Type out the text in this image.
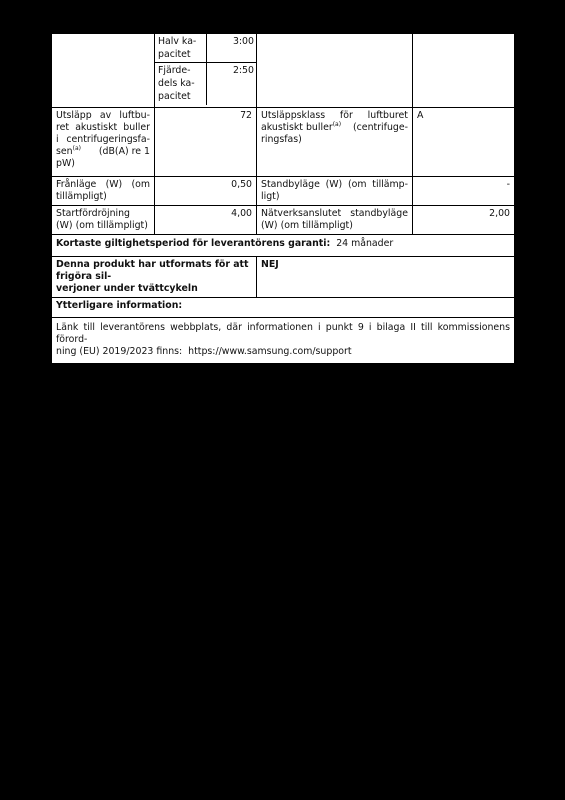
Halv ka-
pacitet
	3:00

Fjärde-
dels ka-
pacitet
	2:50

Utsläpp av luftbu-
ret akustiskt buller
i centrifugeringsfa-
sen$^{(a)}$ (dB(A) re 1
pW)
	72	Utsläppsklass för luftburet
akustiskt buller$^{(a)}$ (centrifuge-
ringsfas)
	A

Frånläge (W) (om
tillämpligt)
	0,50	Standbyläge (W) (om tillämp-
ligt)
	-

Startfördröjning
(W) (om tillämpligt)
	4,00	Nätverksanslutet standbyläge
(W) (om tillämpligt)
	2,00
Kortaste giltighetsperiod för leverantörens garanti: 24 månader

Denna produkt har utformats för att frigöra sil-
verjoner under tvättcykeln
	NEJ
Ytterligare information:

Länk till leverantörens webbplats, där informationen i punkt 9 i bilaga II till kommissionens förord-
ning (EU) 2019/2023 finns: https://www.samsung.com/support
